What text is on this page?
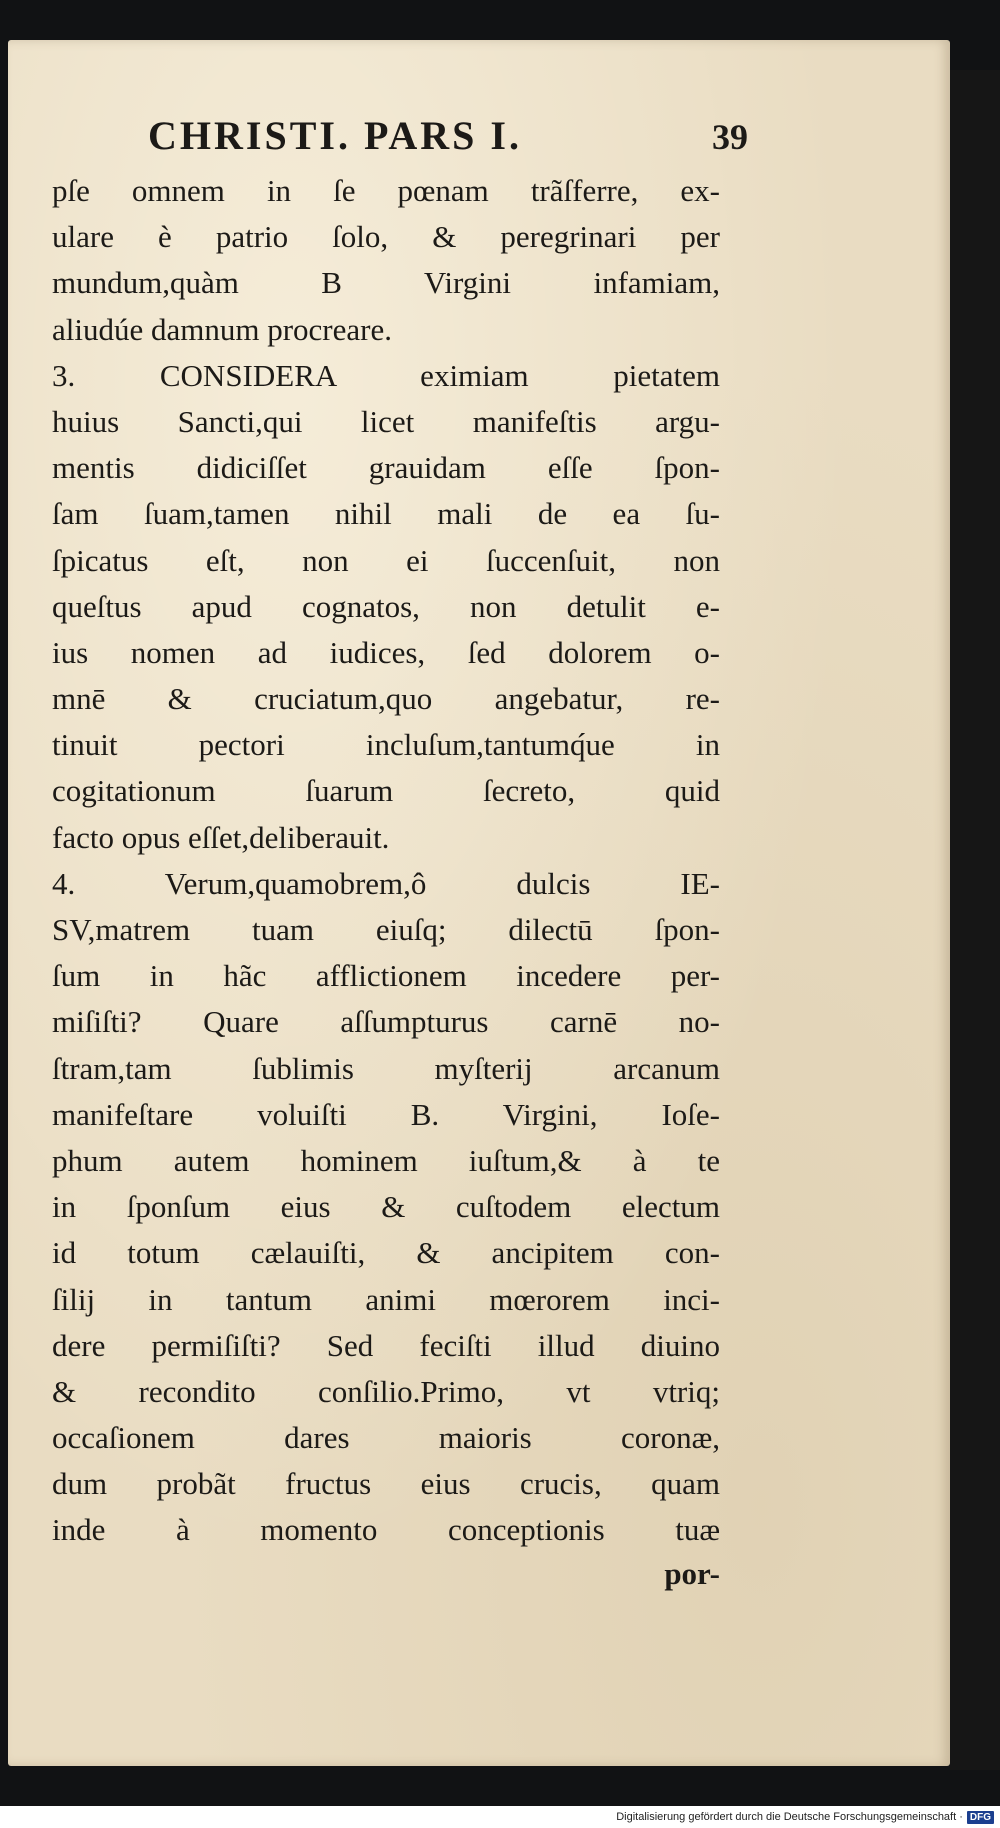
CHRISTI. PARS I.	39
pſe omnem in ſe pœnam trãſferre, ex-
ulare è patrio ſolo, & peregrinari per
mundum,quàm B Virgini infamiam,
aliudúe damnum procreare.
3. CONSIDERA eximiam pietatem
huius Sancti,qui licet manifeſtis argu-
mentis didiciſſet grauidam eſſe ſpon-
ſam ſuam,tamen nihil mali de ea ſu-
ſpicatus eſt, non ei ſuccenſuit, non
queſtus apud cognatos, non detulit e-
ius nomen ad iudices, ſed dolorem o-
mnē & cruciatum,quo angebatur, re-
tinuit pectori incluſum,tantumq́ue in
cogitationum ſuarum ſecreto, quid
facto opus eſſet,deliberauit.
4. Verum,quamobrem,ô dulcis IE-
SV,matrem tuam eiuſq; dilectū ſpon-
ſum in hãc afflictionem incedere per-
miſiſti? Quare aſſumpturus carnē no-
ſtram,tam ſublimis myſterij arcanum
manifeſtare voluiſti B. Virgini, Ioſe-
phum autem hominem iuſtum,& à te
in ſponſum eius & cuſtodem electum
id totum cælauiſti, & ancipitem con-
ſilij in tantum animi mœrorem inci-
dere permiſiſti? Sed feciſti illud diuino
& recondito conſilio.Primo, vt vtriq;
occaſionem dares maioris coronæ,
dum probãt fructus eius crucis, quam
inde à momento conceptionis tuæ
por-
Digitalisierung gefördert durch die Deutsche Forschungsgemeinschaft · DFG
